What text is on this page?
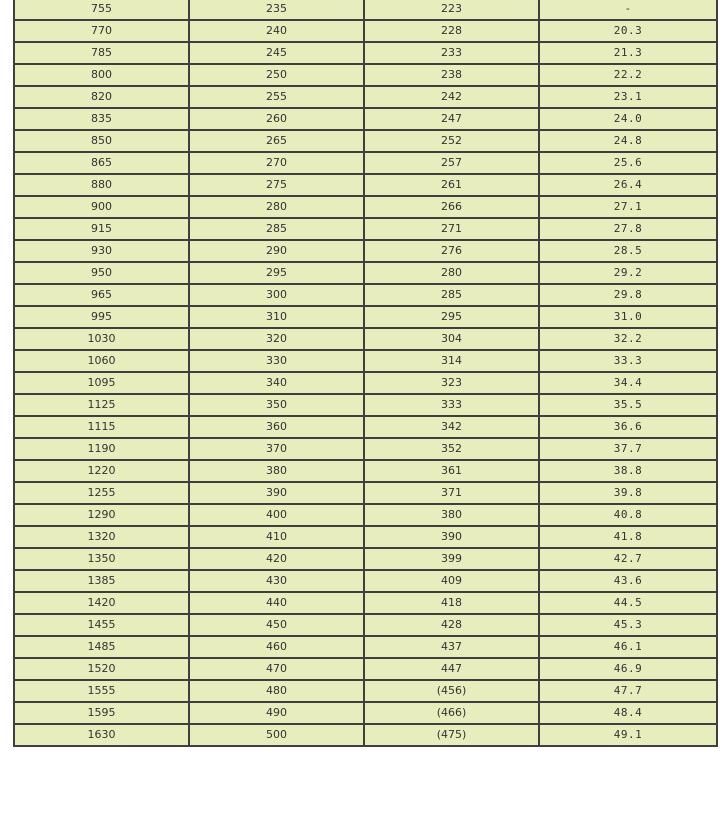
755	235	223	-
770	240	228	20.3
785	245	233	21.3
800	250	238	22.2
820	255	242	23.1
835	260	247	24.0
850	265	252	24.8
865	270	257	25.6
880	275	261	26.4
900	280	266	27.1
915	285	271	27.8
930	290	276	28.5
950	295	280	29.2
965	300	285	29.8
995	310	295	31.0
1030	320	304	32.2
1060	330	314	33.3
1095	340	323	34.4
1125	350	333	35.5
1115	360	342	36.6
1190	370	352	37.7
1220	380	361	38.8
1255	390	371	39.8
1290	400	380	40.8
1320	410	390	41.8
1350	420	399	42.7
1385	430	409	43.6
1420	440	418	44.5
1455	450	428	45.3
1485	460	437	46.1
1520	470	447	46.9
1555	480	(456)	47.7
1595	490	(466)	48.4
1630	500	(475)	49.1
